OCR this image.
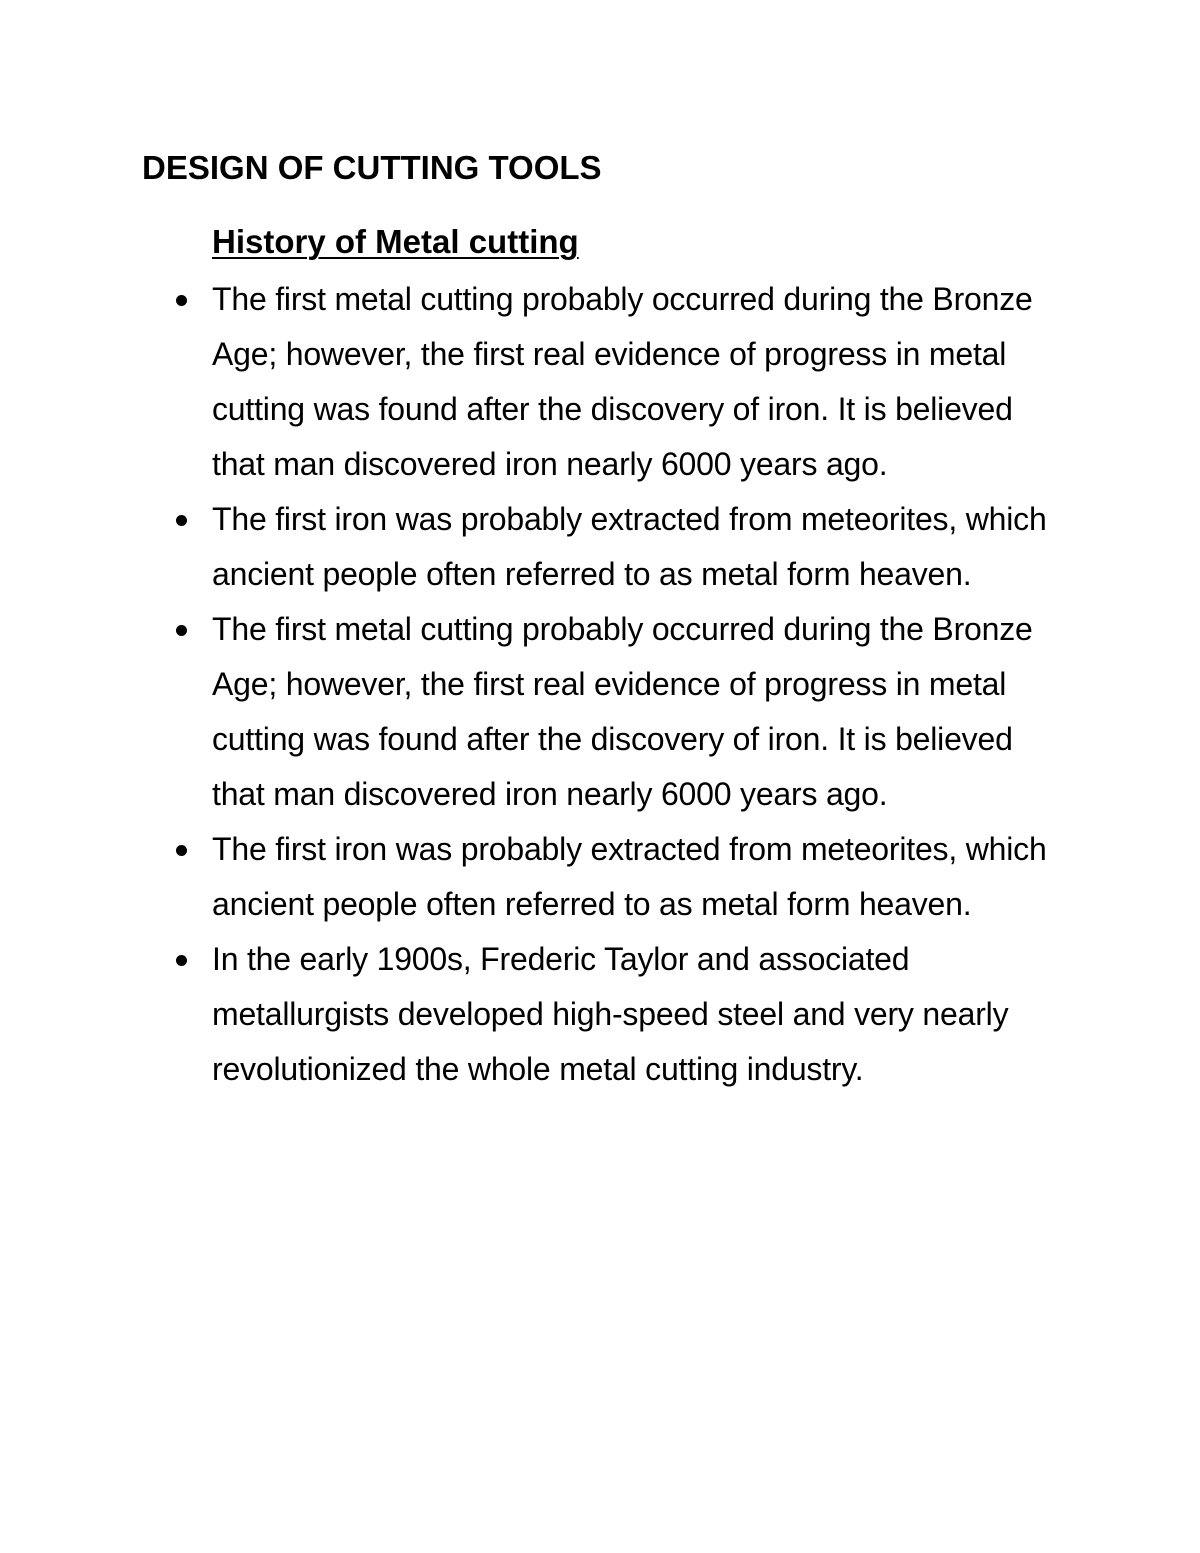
DESIGN OF CUTTING TOOLS
History of Metal cutting
The first metal cutting probably occurred during the Bronze Age; however, the first real evidence of progress in metal cutting was found after the discovery of iron. It is believed that man discovered iron nearly 6000 years ago.
The first iron was probably extracted from meteorites, which ancient people often referred to as metal form heaven.
The first metal cutting probably occurred during the Bronze Age; however, the first real evidence of progress in metal cutting was found after the discovery of iron. It is believed that man discovered iron nearly 6000 years ago.
The first iron was probably extracted from meteorites, which ancient people often referred to as metal form heaven.
In the early 1900s, Frederic Taylor and associated metallurgists developed high-speed steel and very nearly revolutionized the whole metal cutting industry.
